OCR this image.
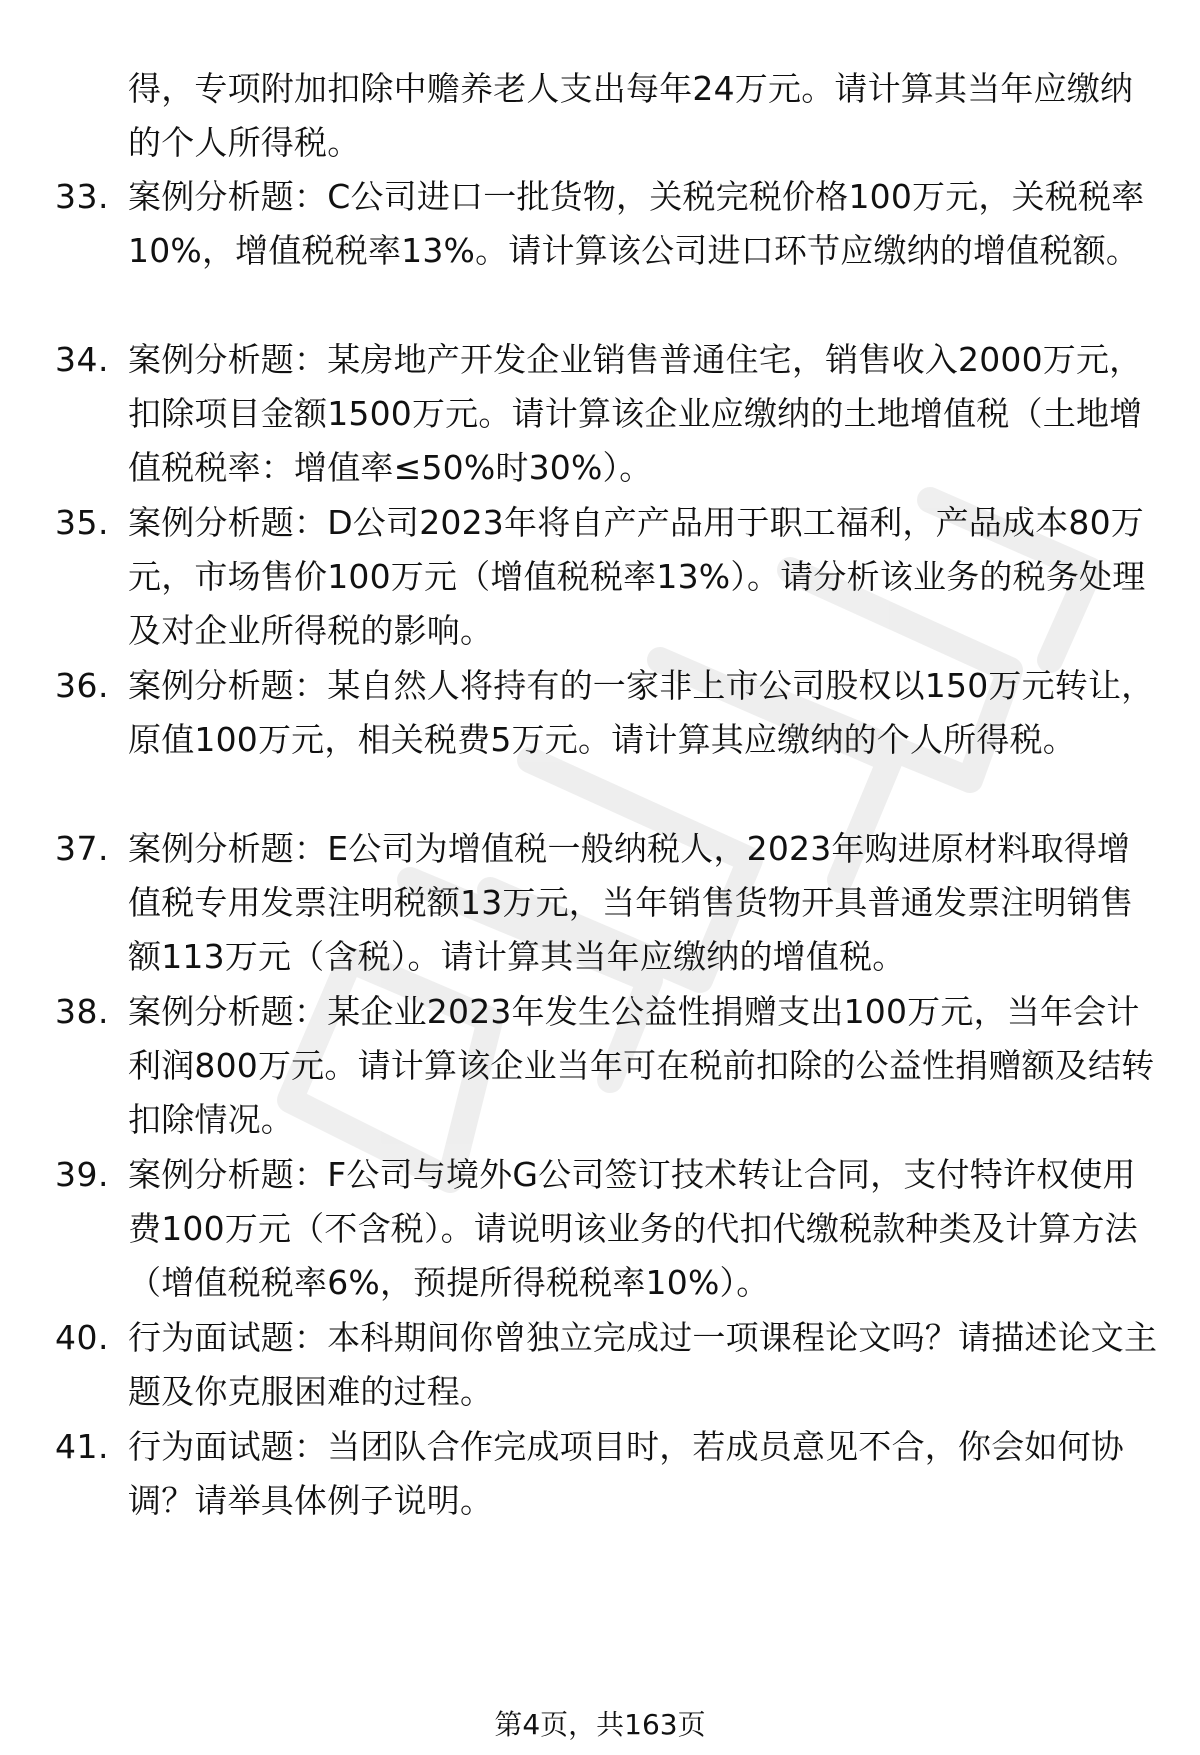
得，专项附加扣除中赡养老人支出每年24万元。请计算其当年应缴纳的个人所得税。
33. 案例分析题：C公司进口一批货物，关税完税价格100万元，关税税率10%，增值税税率13%。请计算该公司进口环节应缴纳的增值税额。
34. 案例分析题：某房地产开发企业销售普通住宅，销售收入2000万元，扣除项目金额1500万元。请计算该企业应缴纳的土地增值税（土地增值税税率：增值率≤50%时30%）。
35. 案例分析题：D公司2023年将自产产品用于职工福利，产品成本80万元，市场售价100万元（增值税税率13%）。请分析该业务的税务处理及对企业所得税的影响。
36. 案例分析题：某自然人将持有的一家非上市公司股权以150万元转让，原值100万元，相关税费5万元。请计算其应缴纳的个人所得税。
37. 案例分析题：E公司为增值税一般纳税人，2023年购进原材料取得增值税专用发票注明税额13万元，当年销售货物开具普通发票注明销售额113万元（含税）。请计算其当年应缴纳的增值税。
38. 案例分析题：某企业2023年发生公益性捐赠支出100万元，当年会计利润800万元。请计算该企业当年可在税前扣除的公益性捐赠额及结转扣除情况。
39. 案例分析题：F公司与境外G公司签订技术转让合同，支付特许权使用费100万元（不含税）。请说明该业务的代扣代缴税款种类及计算方法（增值税税率6%，预提所得税税率10%）。
40. 行为面试题：本科期间你曾独立完成过一项课程论文吗？请描述论文主题及你克服困难的过程。
41. 行为面试题：当团队合作完成项目时，若成员意见不合，你会如何协调？请举具体例子说明。
第4页，共163页
